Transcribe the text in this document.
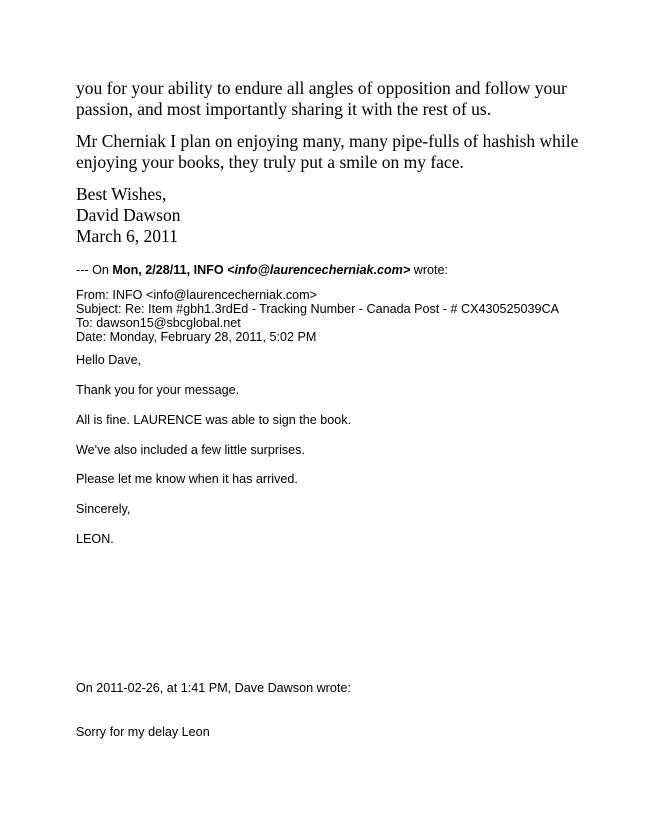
you for your ability to endure all angles of opposition and follow your
passion, and most importantly sharing it with the rest of us.
Mr Cherniak I plan on enjoying many, many pipe-fulls of hashish while
enjoying your books, they truly put a smile on my face.
Best Wishes,
David Dawson
March 6, 2011
--- On Mon, 2/28/11, INFO <info@laurencecherniak.com> wrote:
From: INFO <info@laurencecherniak.com>
Subject: Re: Item #gbh1.3rdEd - Tracking Number - Canada Post - # CX430525039CA
To: dawson15@sbcglobal.net
Date: Monday, February 28, 2011, 5:02 PM
Hello Dave,
Thank you for your message.
All is fine. LAURENCE was able to sign the book.
We've also included a few little surprises.
Please let me know when it has arrived.
Sincerely,
LEON.
On 2011-02-26, at 1:41 PM, Dave Dawson wrote:
Sorry for my delay Leon
